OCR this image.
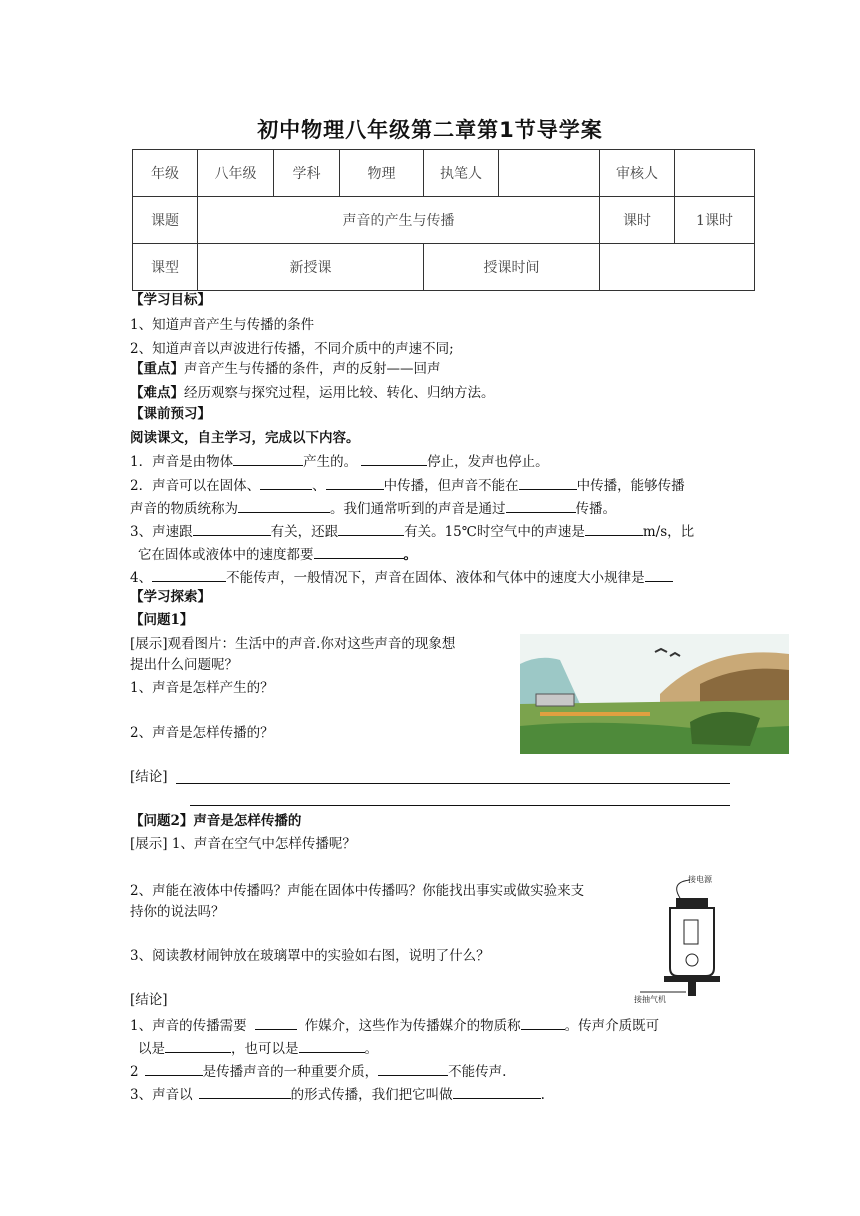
初中物理八年级第二章第1节导学案
年级	八年级	学科	物理	执笔人		审核人	
课题	声音的产生与传播					课时	1课时
课型	新授课			授课时间			
【学习目标】
1、知道声音产生与传播的条件
2、知道声音以声波进行传播，不同介质中的声速不同;
【重点】声音产生与传播的条件，声的反射——回声
【难点】经历观察与探究过程，运用比较、转化、归纳方法。
【课前预习】
阅读课文，自主学习，完成以下内容。
1．声音是由物体	产生的。	停止，发声也停止。
2．声音可以在固体、	、	中传播，但声音不能在	中传播，能够传播
声音的物质统称为	。我们通常听到的声音是通过	传播。
3、声速跟	有关，还跟	有关。15℃时空气中的声速是	m/s，比
它在固体或液体中的速度都要	。
4、	不能传声，一般情况下，声音在固体、液体和气体中的速度大小规律是
【学习探索】
【问题1】
[展示]观看图片：生活中的声音.你对这些声音的现象想
提出什么问题呢？
1、声音是怎样产生的？
2、声音是怎样传播的？
[结论]
【问题2】声音是怎样传播的
[展示] 1、声音在空气中怎样传播呢？
2、声能在液体中传播吗？声能在固体中传播吗？你能找出事实或做实验来支
持你的说法吗？
3、阅读教材闹钟放在玻璃罩中的实验如右图，说明了什么？
接电源
接抽气机
[结论]
1、声音的传播需要	作媒介，这些作为传播媒介的物质称	。传声介质既可
以是	，也可以是	。
2	是传播声音的一种重要介质，	不能传声.
3、声音以	的形式传播，我们把它叫做	.
